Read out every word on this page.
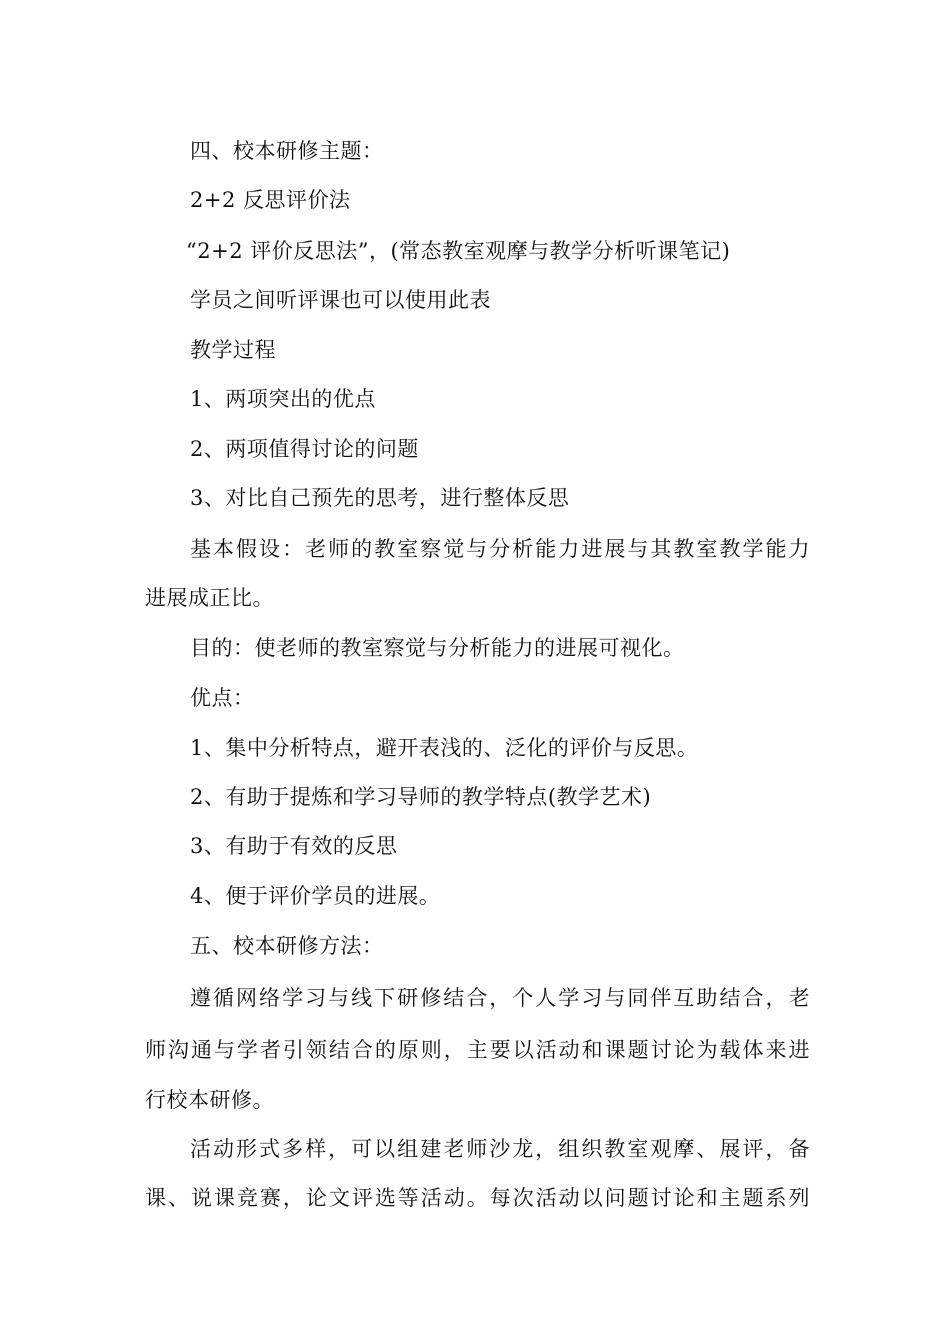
四、校本研修主题：
2+2 反思评价法
“2+2 评价反思法”，(常态教室观摩与教学分析听课笔记)
学员之间听评课也可以使用此表
教学过程
1、两项突出的优点
2、两项值得讨论的问题
3、对比自己预先的思考，进行整体反思
基本假设：老师的教室察觉与分析能力进展与其教室教学能力
进展成正比。
目的：使老师的教室察觉与分析能力的进展可视化。
优点：
1、集中分析特点，避开表浅的、泛化的评价与反思。
2、有助于提炼和学习导师的教学特点(教学艺术)
3、有助于有效的反思
4、便于评价学员的进展。
五、校本研修方法：
遵循网络学习与线下研修结合，个人学习与同伴互助结合，老
师沟通与学者引领结合的原则，主要以活动和课题讨论为载体来进
行校本研修。
活动形式多样，可以组建老师沙龙，组织教室观摩、展评，备
课、说课竞赛，论文评选等活动。每次活动以问题讨论和主题系列
